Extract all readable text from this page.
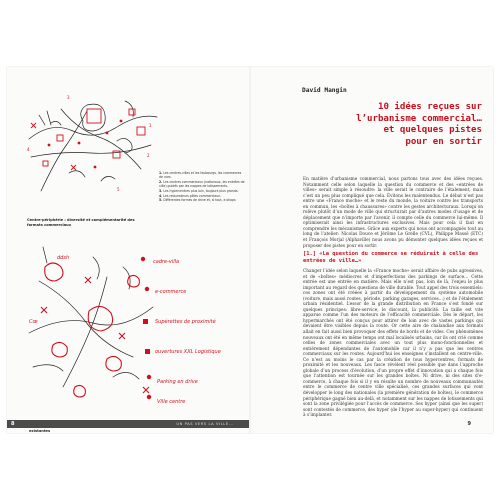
1
2
3
4
5
1. Les centres-villes et les faubourgs, les commerces de rues.
2. Les centres commerciaux (nationaux, les entrées de ville) guidés par les nappes de lotissements.
3. Les hypercentres plus loin, toujours plus grands.
4. Les retaurateurs pôles commerciaux.
5. Différentes formes de drive et, si tout, e-shops
Centre-périphérie : diversité et complémentarité des formats commerciaux
ddsh
cadre-villa
e-commerce
Supérettes de proximité
ouvertures XXL Logistique
Parking en drive
Ville centre
Cœ
existantes
8	UN PAS VERS LA VILLE...
David Mangin
10 idées reçues sur
l’urbanisme commercial…
et quelques pistes
pour en sortir
En matière d’urbanisme commercial, nous partons tous avec des idées reçues. Notamment celle selon laquelle la question du commerce et des «entrées de villes» serait simple à résoudre: la ville serait le contraire de l’étalement, mais c’est un peu plus compliqué que cela. Évitons les malentendus. Le débat n’est pas entre une «France moche» et le reste du monde, la voiture contre les transports en commun, les «boîtes à chaussures» contre les gestes architecturaux. Lorsqu’on relève plutôt d’un mode de ville qui structurait par d’autres modes d’usage et de déplacement que n’importe par l’avenir, il compte celle du commerce lui-même. Il optimiserait ainsi les infrastructures exclusives. Mais pour cela il faut en comprendre les mécanismes. Grâce aux experts qui nous ont accompagnés tout au long de l’atelier: Nicolas Douce et Jérôme Le Grelle (CVL), Philippe Massé (ETC) et François Morjal (Alphaville) nous avons pu démonter quelques idées reçues et proposer des pistes pour en sortir.
[1.] «La question du commerce se réduirait à celle des entrées de ville…»
Changer l’idée selon laquelle la «France moche» serait affaire de pubs agressives, et de «boîtes» médiocres et d’imperfections des parkings de surface… Cette entrée est une entrée en matière. Mais elle n’est pas, loin de là, l’enjeu le plus important au regard des questions de ville durable. Tout appel des trois essentiels: ces zones ont été créées à partir du développement du système automobile (voiture, mais aussi routes, période, parking garages, services…) et de l’étalement urbain résidentiel. L’essor de la grande distribution en France s’est fondé sur quelques principes: libre-service, le discount, la publicité. La taille est vite apparue comme l’un des moteurs de l’efficacité commerciale. Dès le départ, les hypermarchés ont été conçus pour attirer de loin avec de vastes parkings qui devaient être visibles depuis la route. Or cette aire de chalandise aux formats allait en fait aussi bien provoquer des effets de bords et de vides. Ces phénomènes nouveaux ont été en même temps ont mal localisés urbains, car ils ont crié comme celles de zones commerciales avec un tout plus mono-fonctionnelles et entièrement dépendantes de l’automobile car il n’y a pas que les centres commerciaux sur les routes. Aujourd’hui les enseignes s’installent en centre-ville. Ce n’est au moins le cas par la création de tous hypercentres, formats de proximité et les nouveaux. Les fasce révèlent réel possible que dans l’approche globale d’un process d’évolution, d’un propre effet d’innovation qui a chaque fois que l’attention est tournée sur les grandes boîtes. Ni drive, ni des sites d’e-commerce, à chaque fois si il y en résulte un nombre de nouveaux communautés entre le commerce de centre ville spécialisé, ces grandes surfaces qui vont développer le long des nationales (la première génération de boîtes), le commerce périphérique gagné bien au-delà, et notamment sur les nappes de lotissements qui sont la zone privilégiée pour l’accès de commerce. Ses hyper (ainsi que les super) sont contestés de commerce, des hyper (de l’hyper au super-hyper) qui continuent à s’implanter.
9
